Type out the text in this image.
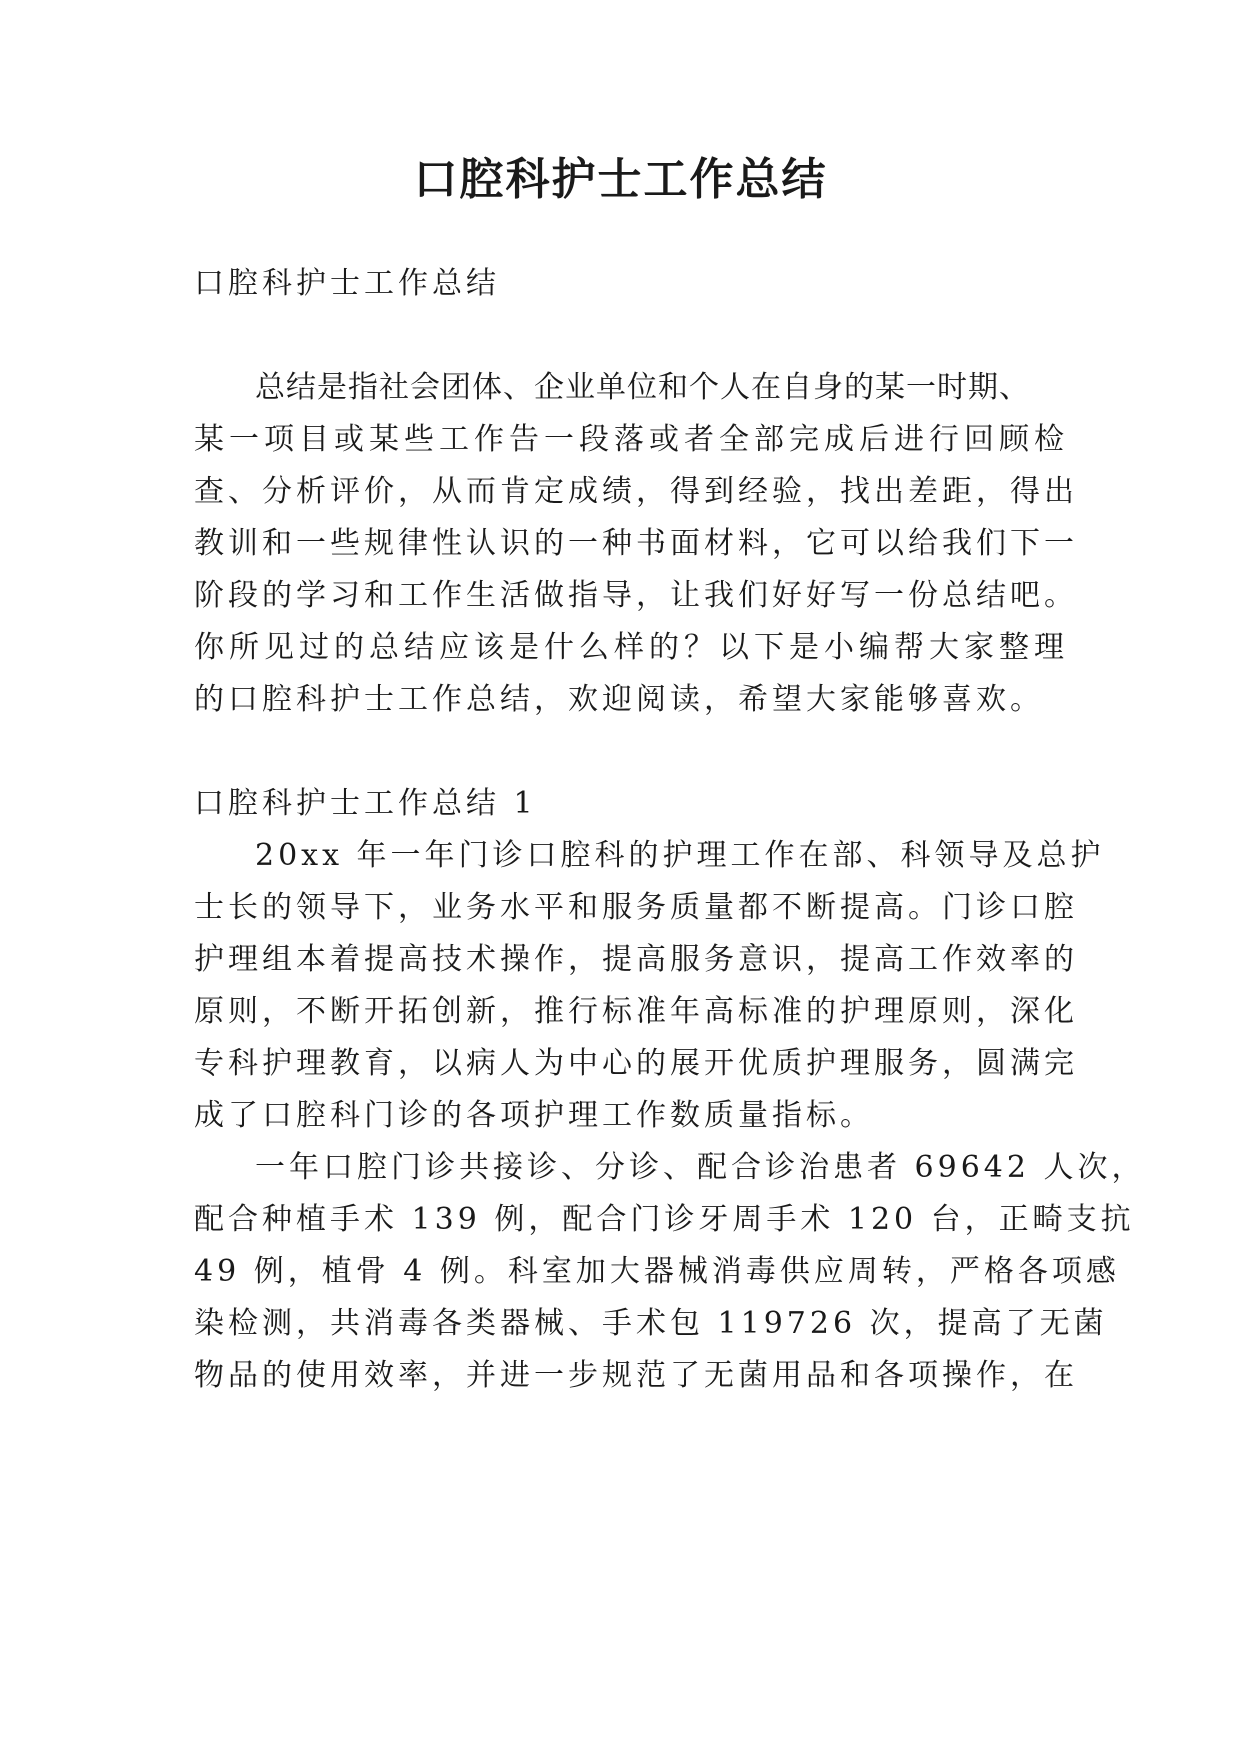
口腔科护士工作总结

口腔科护士工作总结

总结是指社会团体、企业单位和个人在自身的某一时期、

某一项目或某些工作告一段落或者全部完成后进行回顾检

查、分析评价，从而肯定成绩，得到经验，找出差距，得出

教训和一些规律性认识的一种书面材料，它可以给我们下一

阶段的学习和工作生活做指导，让我们好好写一份总结吧。

你所见过的总结应该是什么样的？以下是小编帮大家整理

的口腔科护士工作总结，欢迎阅读，希望大家能够喜欢。

口腔科护士工作总结 1

20xx 年一年门诊口腔科的护理工作在部、科领导及总护

士长的领导下，业务水平和服务质量都不断提高。门诊口腔

护理组本着提高技术操作，提高服务意识，提高工作效率的

原则，不断开拓创新，推行标准年高标准的护理原则，深化

专科护理教育，以病人为中心的展开优质护理服务，圆满完

成了口腔科门诊的各项护理工作数质量指标。

一年口腔门诊共接诊、分诊、配合诊治患者 69642 人次，

配合种植手术 139 例，配合门诊牙周手术 120 台，正畸支抗

49 例，植骨 4 例。科室加大器械消毒供应周转，严格各项感

染检测，共消毒各类器械、手术包 119726 次，提高了无菌

物品的使用效率，并进一步规范了无菌用品和各项操作，在
